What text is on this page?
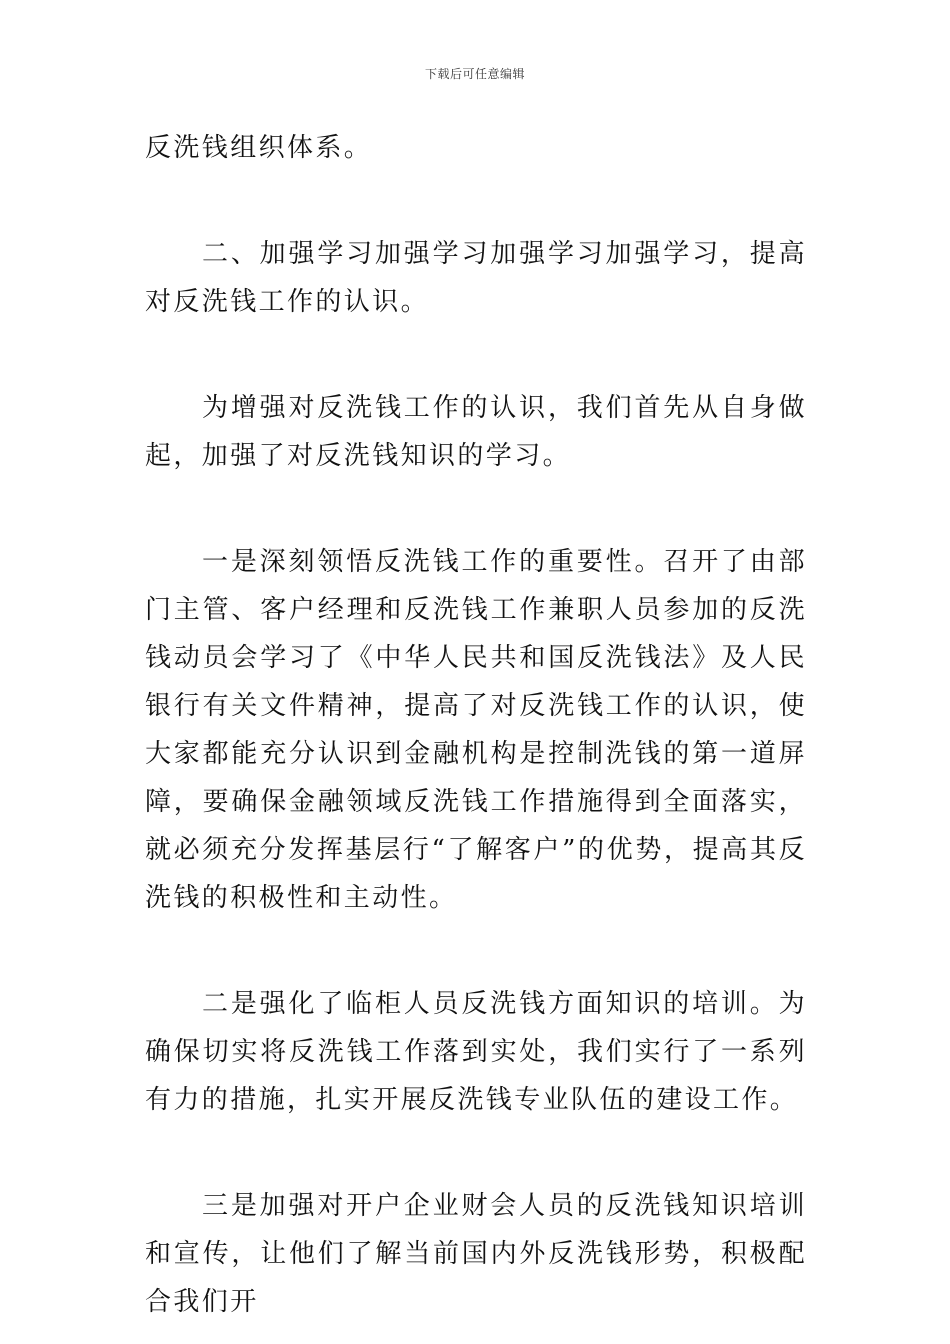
下载后可任意编辑

反洗钱组织体系。

二、加强学习加强学习加强学习加强学习，提高对反洗钱工作的认识。

为增强对反洗钱工作的认识，我们首先从自身做起，加强了对反洗钱知识的学习。

一是深刻领悟反洗钱工作的重要性。召开了由部门主管、客户经理和反洗钱工作兼职人员参加的反洗钱动员会学习了《中华人民共和国反洗钱法》及人民银行有关文件精神，提高了对反洗钱工作的认识，使大家都能充分认识到金融机构是控制洗钱的第一道屏障，要确保金融领域反洗钱工作措施得到全面落实，就必须充分发挥基层行“了解客户”的优势，提高其反洗钱的积极性和主动性。

二是强化了临柜人员反洗钱方面知识的培训。为确保切实将反洗钱工作落到实处，我们实行了一系列有力的措施，扎实开展反洗钱专业队伍的建设工作。

三是加强对开户企业财会人员的反洗钱知识培训和宣传，让他们了解当前国内外反洗钱形势，积极配合我们开
